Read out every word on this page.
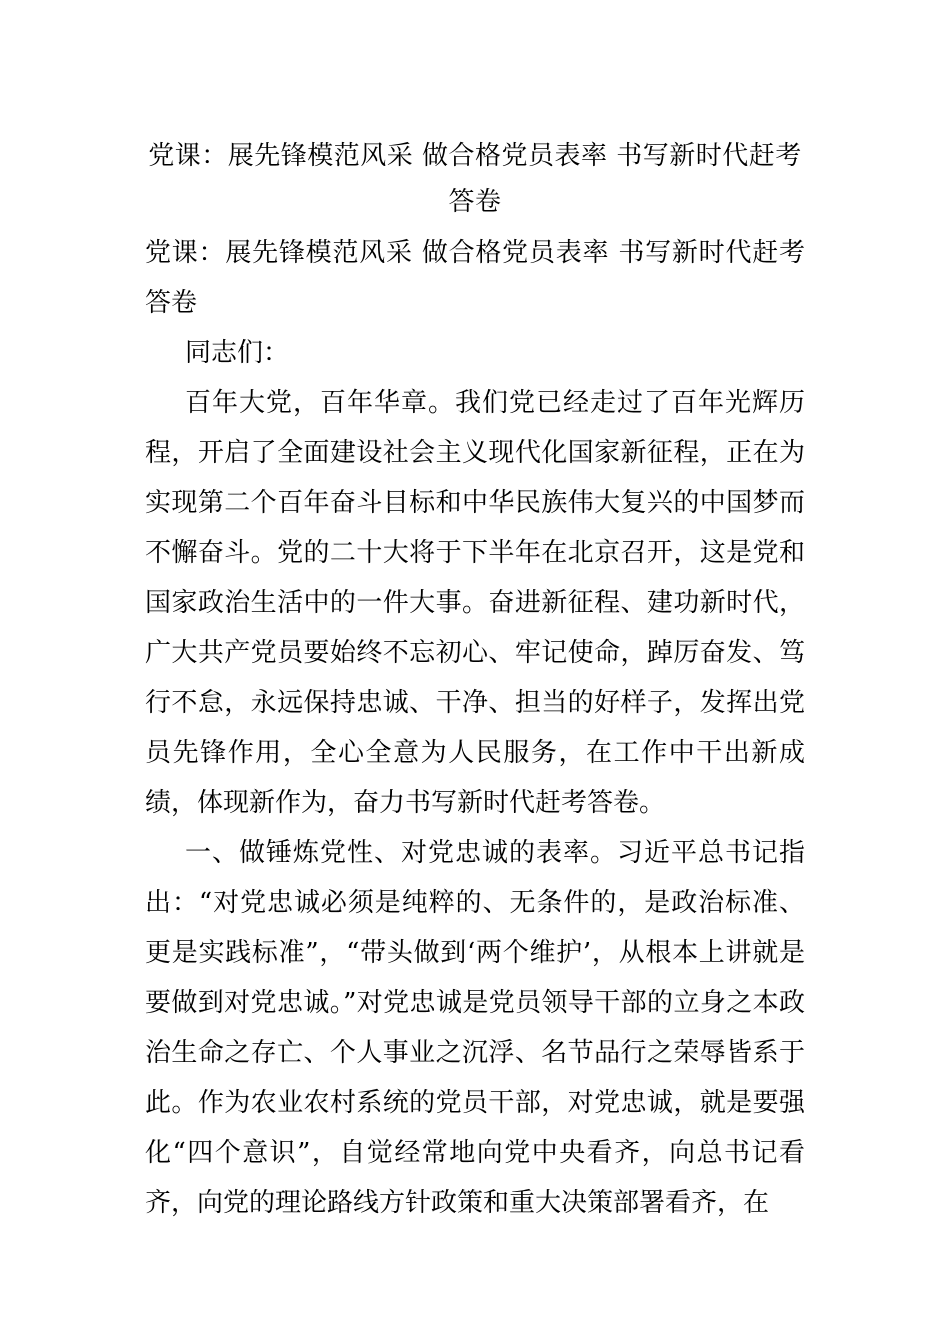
党课：展先锋模范风采 做合格党员表率 书写新时代赶考答卷

党课：展先锋模范风采 做合格党员表率 书写新时代赶考答卷

同志们：

百年大党，百年华章。我们党已经走过了百年光辉历程，开启了全面建设社会主义现代化国家新征程，正在为实现第二个百年奋斗目标和中华民族伟大复兴的中国梦而不懈奋斗。党的二十大将于下半年在北京召开，这是党和国家政治生活中的一件大事。奋进新征程、建功新时代，广大共产党员要始终不忘初心、牢记使命，踔厉奋发、笃行不怠，永远保持忠诚、干净、担当的好样子，发挥出党员先锋作用，全心全意为人民服务，在工作中干出新成绩，体现新作为，奋力书写新时代赶考答卷。

一、做锤炼党性、对党忠诚的表率。习近平总书记指出：“对党忠诚必须是纯粹的、无条件的，是政治标准、更是实践标准”，“带头做到‘两个维护’，从根本上讲就是要做到对党忠诚。”对党忠诚是党员领导干部的立身之本政治生命之存亡、个人事业之沉浮、名节品行之荣辱皆系于此。作为农业农村系统的党员干部，对党忠诚，就是要强化“四个意识”，自觉经常地向党中央看齐，向总书记看齐，向党的理论路线方针政策和重大决策部署看齐，在
